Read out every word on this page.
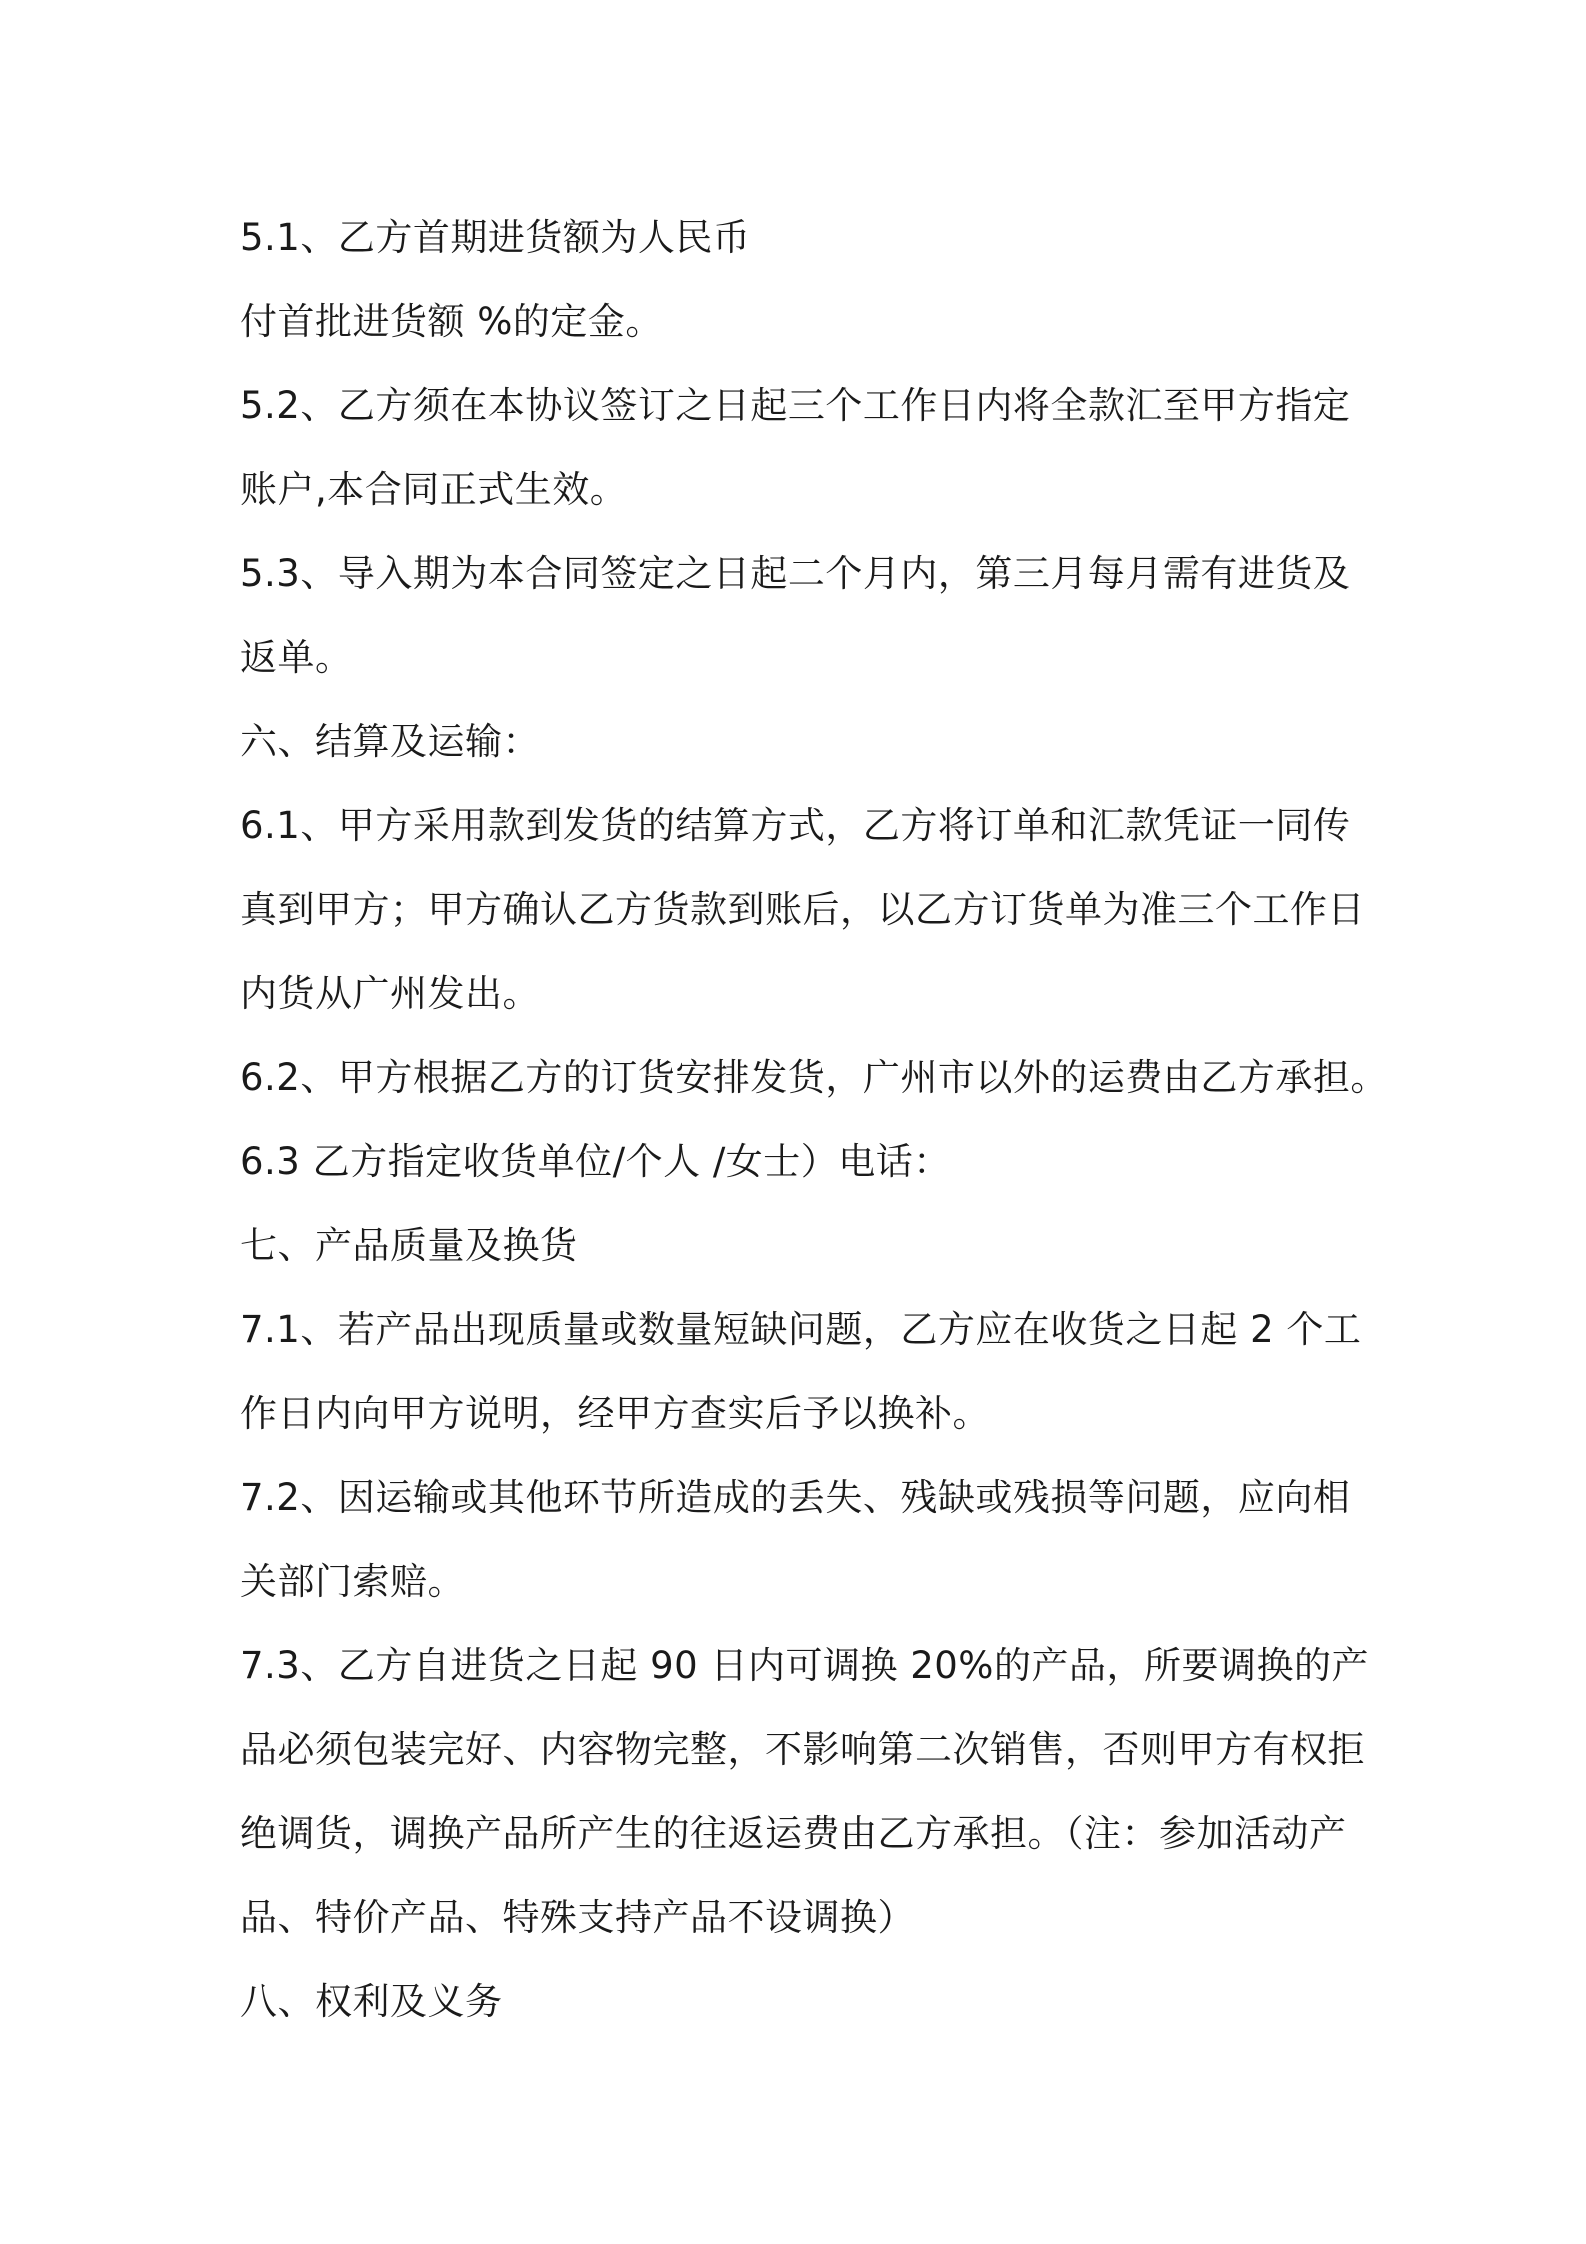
5.1、乙方首期进货额为人民币
付首批进货额 %的定金。
5.2、乙方须在本协议签订之日起三个工作日内将全款汇至甲方指定
账户,本合同正式生效。
5.3、导入期为本合同签定之日起二个月内，第三月每月需有进货及
返单。
六、结算及运输：
6.1、甲方采用款到发货的结算方式，乙方将订单和汇款凭证一同传
真到甲方；甲方确认乙方货款到账后，以乙方订货单为准三个工作日
内货从广州发出。
6.2、甲方根据乙方的订货安排发货，广州市以外的运费由乙方承担。
6.3 乙方指定收货单位/个人 /女士）电话：
七、产品质量及换货
7.1、若产品出现质量或数量短缺问题，乙方应在收货之日起 2 个工
作日内向甲方说明，经甲方查实后予以换补。
7.2、因运输或其他环节所造成的丢失、残缺或残损等问题，应向相
关部门索赔。
7.3、乙方自进货之日起 90 日内可调换 20%的产品，所要调换的产
品必须包装完好、内容物完整，不影响第二次销售，否则甲方有权拒
绝调货，调换产品所产生的往返运费由乙方承担。（注：参加活动产
品、特价产品、特殊支持产品不设调换）
八、权利及义务
